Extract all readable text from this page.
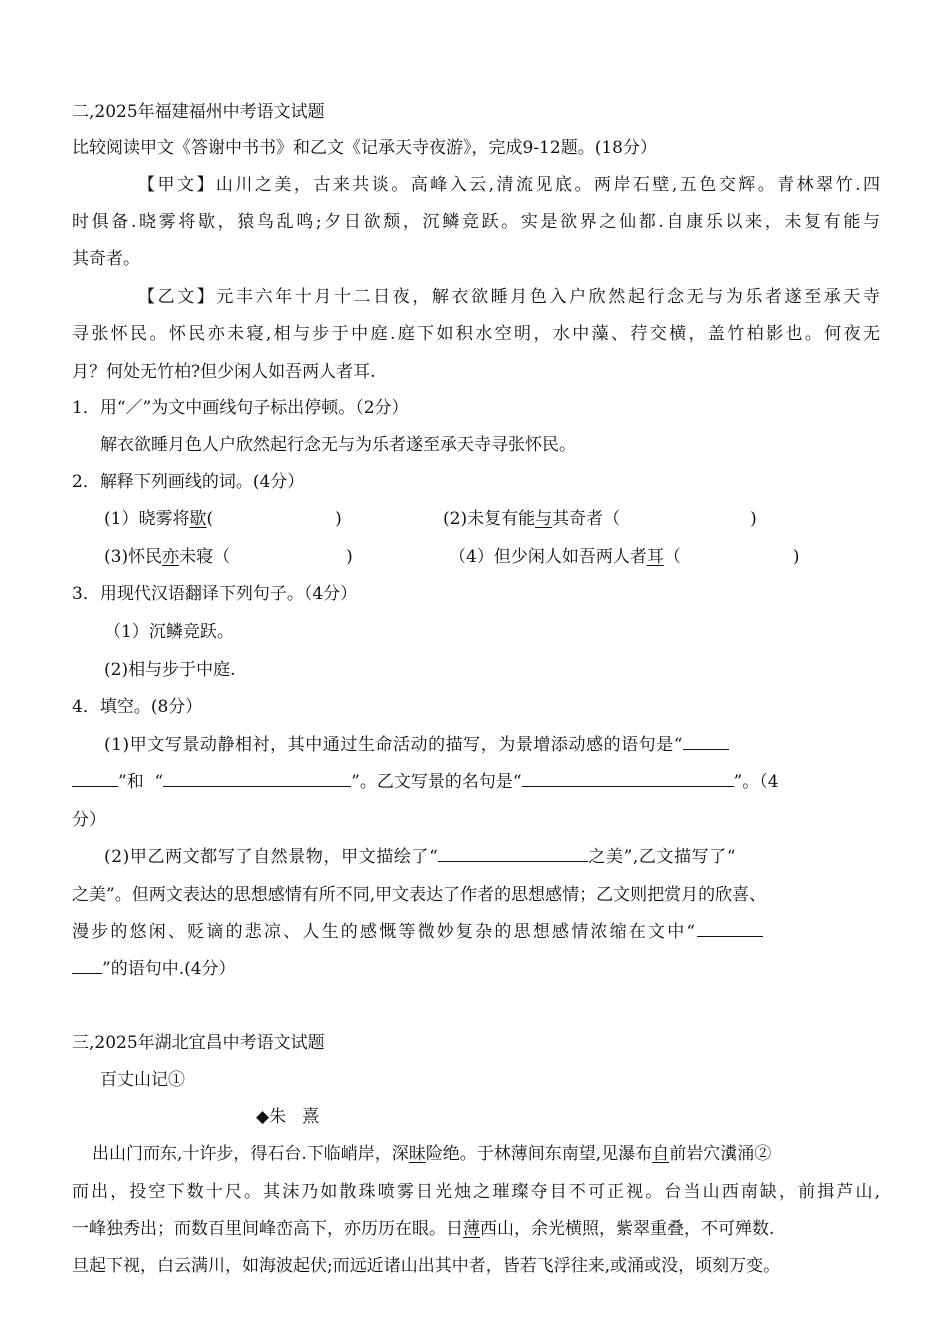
二,2025年福建福州中考语文试题
比较阅读甲文《答谢中书书》和乙文《记承天寺夜游》，完成9-12题。(18分）
【甲文】山川之美，古来共谈。高峰入云,清流见底。两岸石壁,五色交辉。青林翠竹.四
时俱备.晓雾将歇，猿鸟乱鸣;夕日欲颓，沉鳞竞跃。实是欲界之仙都.自康乐以来，未复有能与
其奇者。
【乙文】元丰六年十月十二日夜，解衣欲睡月色入户欣然起行念无与为乐者遂至承天寺
寻张怀民。怀民亦未寝,相与步于中庭.庭下如积水空明，水中藻、荇交横，盖竹柏影也。何夜无
月？何处无竹柏?但少闲人如吾两人者耳.
1．用“／”为文中画线句子标出停顿。（2分）
解衣欲睡月色人户欣然起行念无与为乐者遂至承天寺寻张怀民。
2．解释下列画线的词。(4分）
(1）晓雾将歇(	)	(2)未复有能与其奇者（	)
(3)怀民亦未寝（	)	（4）但少闲人如吾两人者耳（	)
3．用现代汉语翻译下列句子。（4分）
（1）沉鳞竞跃。
(2)相与步于中庭.
4．填空。(8分）
(1)甲文写景动静相衬，其中通过生命活动的描写，为景增添动感的语句是“
”和  “	”。乙文写景的名句是“	”。（4
分）
(2)甲乙两文都写了自然景物，甲文描绘了“	之美”,乙文描写了“
之美”。但两文表达的思想感情有所不同,甲文表达了作者的思想感情；乙文则把赏月的欣喜、
漫步的悠闲、贬谪的悲凉、人生的感慨等微妙复杂的思想感情浓缩在文中“
”的语句中.(4分）
三,2025年湖北宜昌中考语文试题
百丈山记①
◆朱   熹
出山门而东,十许步，得石台.下临峭岸，深昧险绝。于林薄间东南望,见瀑布自前岩穴瀵涌②
而出，投空下数十尺。其沫乃如散珠喷雾日光烛之璀璨夺目不可正视。台当山西南缺，前揖芦山,
一峰独秀出；而数百里间峰峦高下，亦历历在眼。日薄西山，余光横照，紫翠重叠，不可殚数.
旦起下视，白云满川，如海波起伏;而远近诸山出其中者，皆若飞浮往来,或涌或没，顷刻万变。
